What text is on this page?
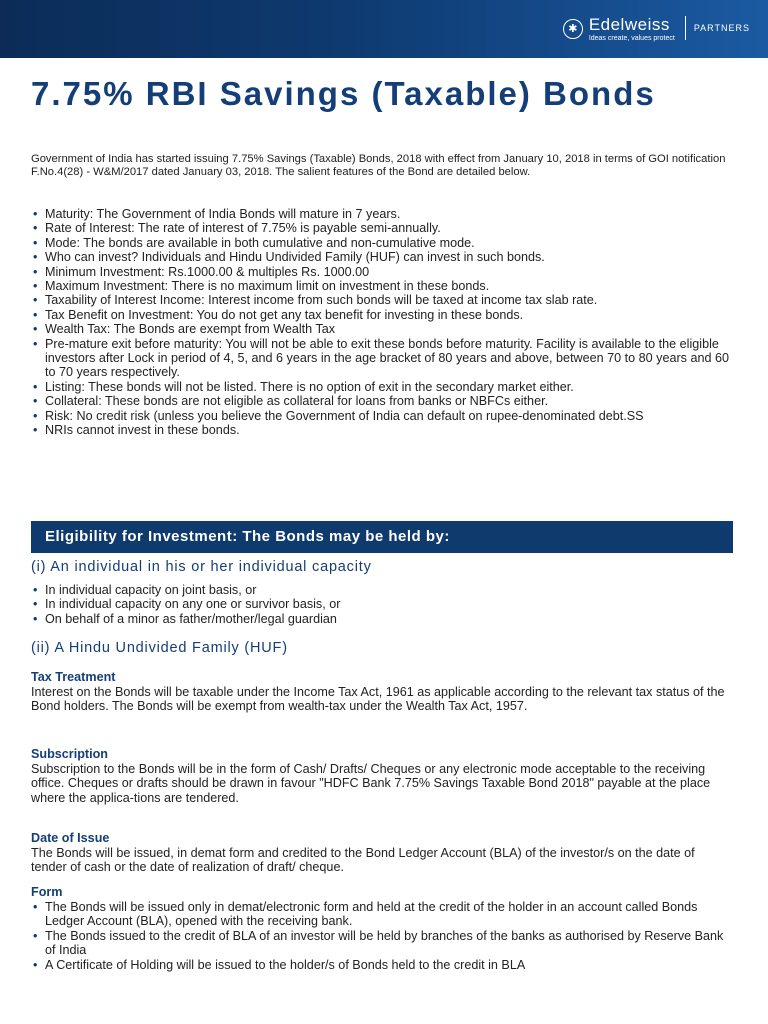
✱ Edelweiss
Ideas create, values protect
PARTNERS
7.75% RBI Savings (Taxable) Bonds

Government of India has started issuing 7.75% Savings (Taxable) Bonds, 2018 with effect from January 10, 2018 in terms of GOI notification F.No.4(28) - W&M/2017 dated January 03, 2018. The salient features of the Bond are detailed below.

• Maturity: The Government of India Bonds will mature in 7 years.
• Rate of Interest: The rate of interest of 7.75% is payable semi-annually.
• Mode: The bonds are available in both cumulative and non-cumulative mode.
• Who can invest? Individuals and Hindu Undivided Family (HUF) can invest in such bonds.
• Minimum Investment: Rs.1000.00 & multiples Rs. 1000.00
• Maximum Investment: There is no maximum limit on investment in these bonds.
• Taxability of Interest Income: Interest income from such bonds will be taxed at income tax slab rate.
• Tax Benefit on Investment: You do not get any tax benefit for investing in these bonds.
• Wealth Tax: The Bonds are exempt from Wealth Tax
• Pre-mature exit before maturity: You will not be able to exit these bonds before maturity. Facility is available to the eligible investors after Lock in period of 4, 5, and 6 years in the age bracket of 80 years and above, between 70 to 80 years and 60 to 70 years respectively.
• Listing: These bonds will not be listed. There is no option of exit in the secondary market either.
• Collateral: These bonds are not eligible as collateral for loans from banks or NBFCs either.
• Risk: No credit risk (unless you believe the Government of India can default on rupee-denominated debt.SS
• NRIs cannot invest in these bonds.
Eligibility for Investment: The Bonds may be held by:
(i) An individual in his or her individual capacity
• In individual capacity on joint basis, or
• In individual capacity on any one or survivor basis, or
• On behalf of a minor as father/mother/legal guardian
(ii) A Hindu Undivided Family (HUF)
Tax Treatment

Interest on the Bonds will be taxable under the Income Tax Act, 1961 as applicable according to the relevant tax status of the Bond holders. The Bonds will be exempt from wealth-tax under the Wealth Tax Act, 1957.

Subscription

Subscription to the Bonds will be in the form of Cash/ Drafts/ Cheques or any electronic mode acceptable to the receiving office. Cheques or drafts should be drawn in favour "HDFC Bank 7.75% Savings Taxable Bond 2018" payable at the place where the applica-tions are tendered.

Date of Issue

The Bonds will be issued, in demat form and credited to the Bond Ledger Account (BLA) of the investor/s on the date of tender of cash or the date of realization of draft/ cheque.

Form
• The Bonds will be issued only in demat/electronic form and held at the credit of the holder in an account called Bonds Ledger Account (BLA), opened with the receiving bank.
• The Bonds issued to the credit of BLA of an investor will be held by branches of the banks as authorised by Reserve Bank of India
• A Certificate of Holding will be issued to the holder/s of Bonds held to the credit in BLA
